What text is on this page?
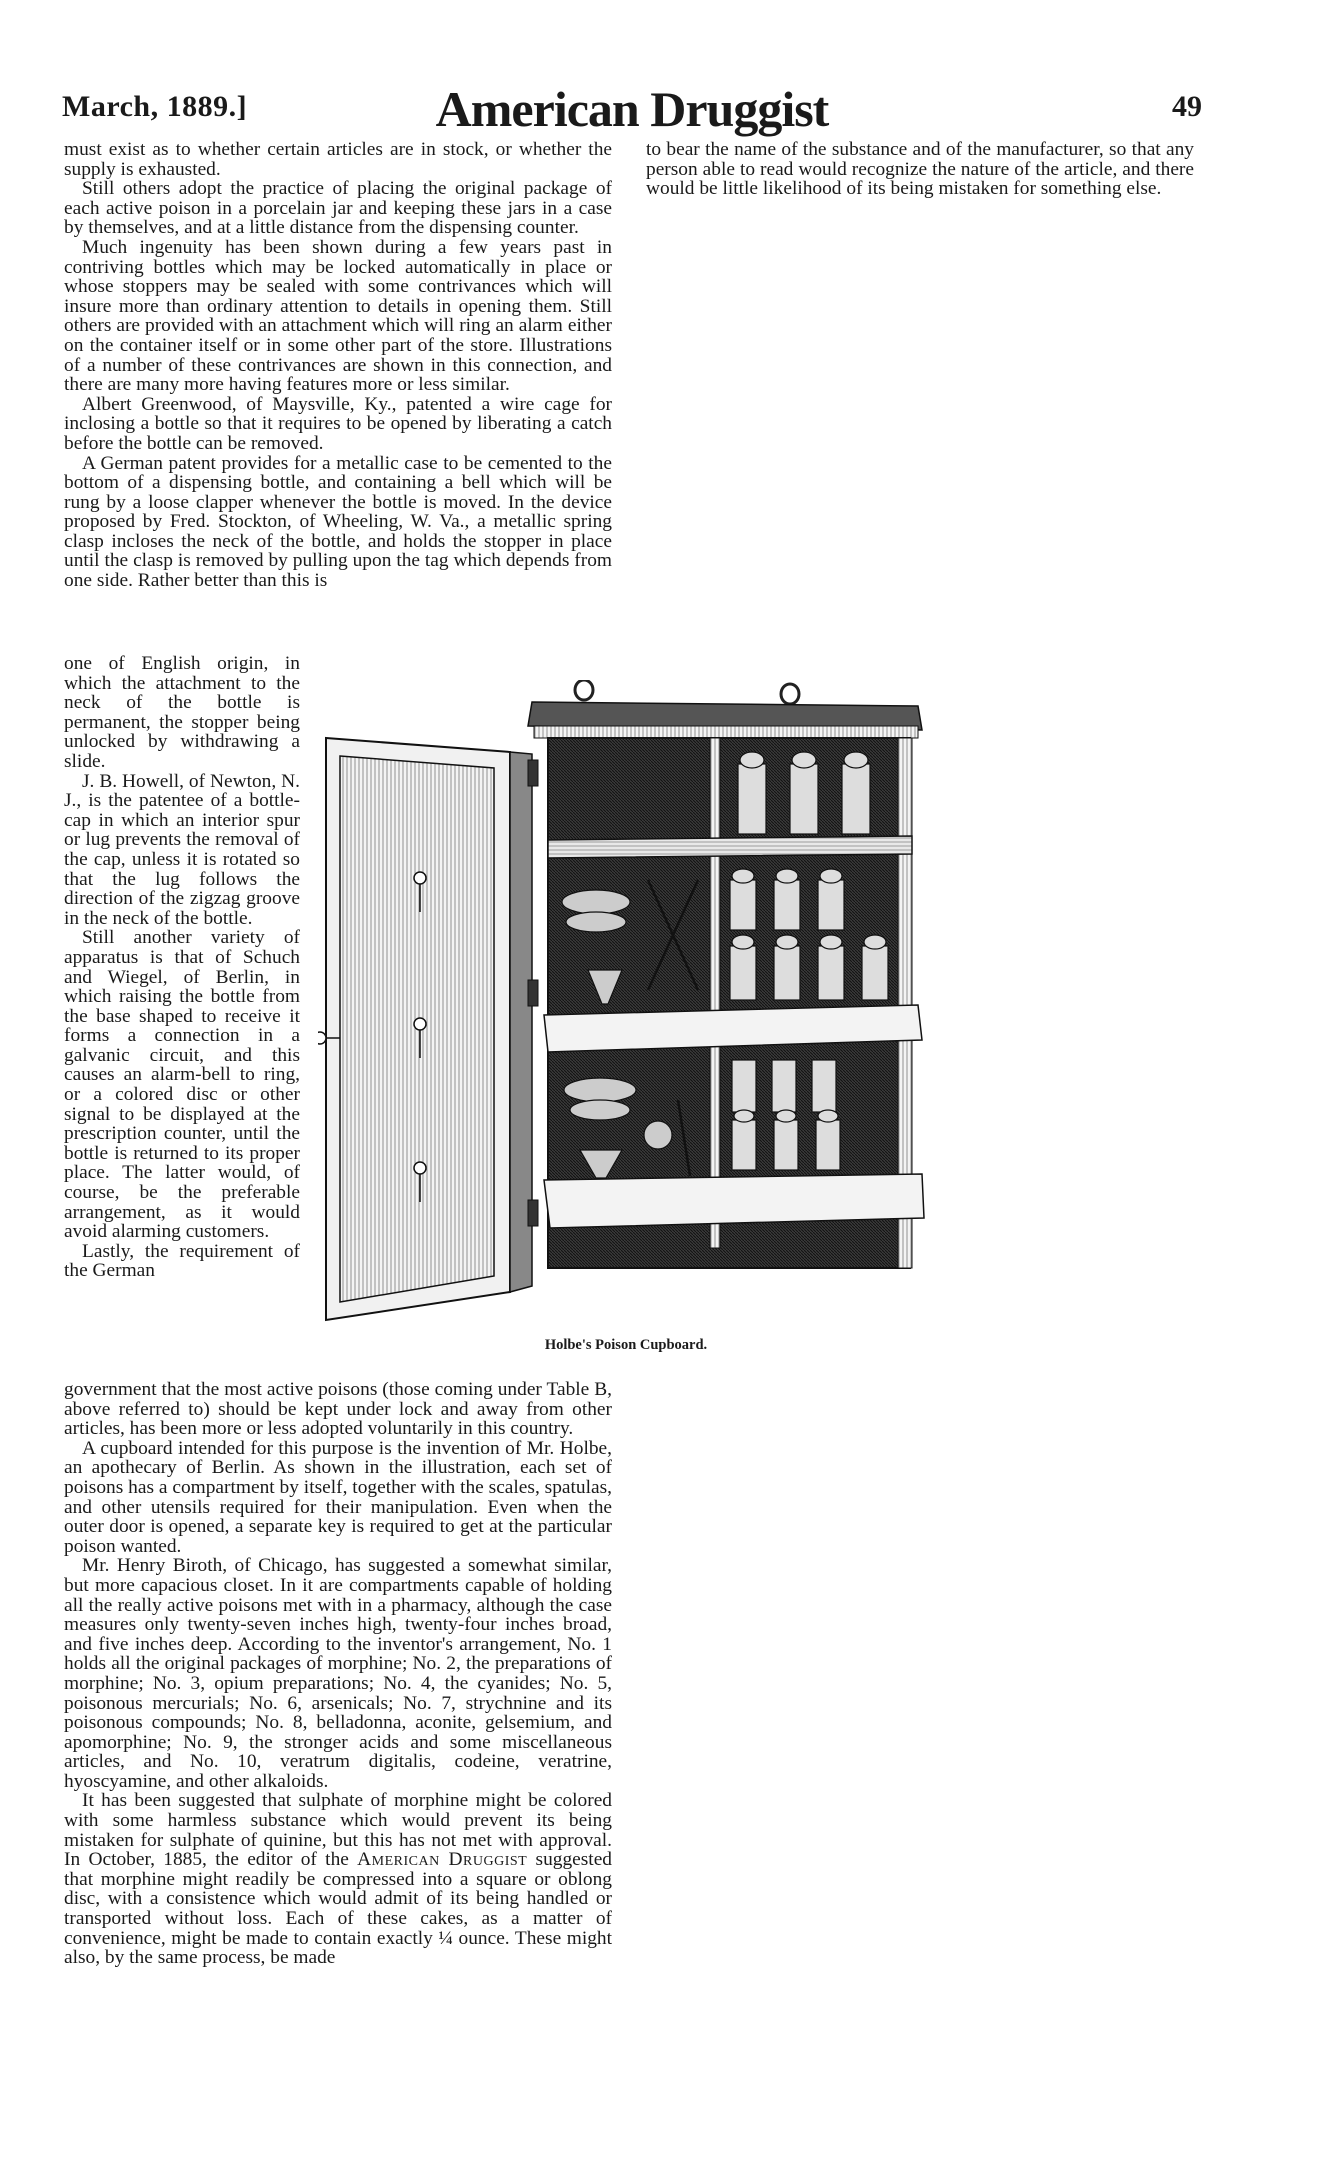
March, 1889.]	American Druggist	49

must exist as to whether certain articles are in stock, or whether the supply is exhausted.

Still others adopt the practice of placing the original package of each active poison in a porcelain jar and keeping these jars in a case by themselves, and at a little distance from the dispensing counter.

Much ingenuity has been shown during a few years past in contriving bottles which may be locked automatically in place or whose stoppers may be sealed with some contrivances which will insure more than ordinary attention to details in opening them. Still others are provided with an attachment which will ring an alarm either on the container itself or in some other part of the store. Illustrations of a number of these contrivances are shown in this connection, and there are many more having features more or less similar.

Albert Greenwood, of Maysville, Ky., patented a wire cage for inclosing a bottle so that it requires to be opened by liberating a catch before the bottle can be removed.

A German patent provides for a metallic case to be cemented to the bottom of a dispensing bottle, and containing a bell which will be rung by a loose clapper whenever the bottle is moved. In the device proposed by Fred. Stockton, of Wheeling, W. Va., a metallic spring clasp incloses the neck of the bottle, and holds the stopper in place until the clasp is removed by pulling upon the tag which depends from one side. Rather better than this is

one of English origin, in which the attachment to the neck of the bottle is permanent, the stopper being unlocked by withdrawing a slide.

J. B. Howell, of Newton, N. J., is the patentee of a bottle-cap in which an interior spur or lug prevents the removal of the cap, unless it is rotated so that the lug follows the direction of the zigzag groove in the neck of the bottle.

Still another variety of apparatus is that of Schuch and Wiegel, of Berlin, in which raising the bottle from the base shaped to receive it forms a connection in a galvanic circuit, and this causes an alarm-bell to ring, or a colored disc or other signal to be displayed at the prescription counter, until the bottle is returned to its proper place. The latter would, of course, be the preferable arrangement, as it would avoid alarming customers.

Lastly, the requirement of the German

government that the most active poisons (those coming under Table B, above referred to) should be kept under lock and away from other articles, has been more or less adopted voluntarily in this country.

A cupboard intended for this purpose is the invention of Mr. Holbe, an apothecary of Berlin. As shown in the illustration, each set of poisons has a compartment by itself, together with the scales, spatulas, and other utensils required for their manipulation. Even when the outer door is opened, a separate key is required to get at the particular poison wanted.

Mr. Henry Biroth, of Chicago, has suggested a somewhat similar, but more capacious closet. In it are compartments capable of holding all the really active poisons met with in a pharmacy, although the case measures only twenty-seven inches high, twenty-four inches broad, and five inches deep. According to the inventor's arrangement, No. 1 holds all the original packages of morphine; No. 2, the preparations of morphine; No. 3, opium preparations; No. 4, the cyanides; No. 5, poisonous mercurials; No. 6, arsenicals; No. 7, strychnine and its poisonous compounds; No. 8, belladonna, aconite, gelsemium, and apomorphine; No. 9, the stronger acids and some miscellaneous articles, and No. 10, veratrum digitalis, codeine, veratrine, hyoscyamine, and other alkaloids.

It has been suggested that sulphate of morphine might be colored with some harmless substance which would prevent its being mistaken for sulphate of quinine, but this has not met with approval. In October, 1885, the editor of the American Druggist suggested that morphine might readily be compressed into a square or oblong disc, with a consistence which would admit of its being handled or transported without loss. Each of these cakes, as a matter of convenience, might be made to contain exactly ¼ ounce. These might also, by the same process, be made

to bear the name of the substance and of the manufacturer, so that any person able to read would recognize the nature of the article, and there would be little likelihood of its being mistaken for something else.

Holbe's Poison Cupboard.
